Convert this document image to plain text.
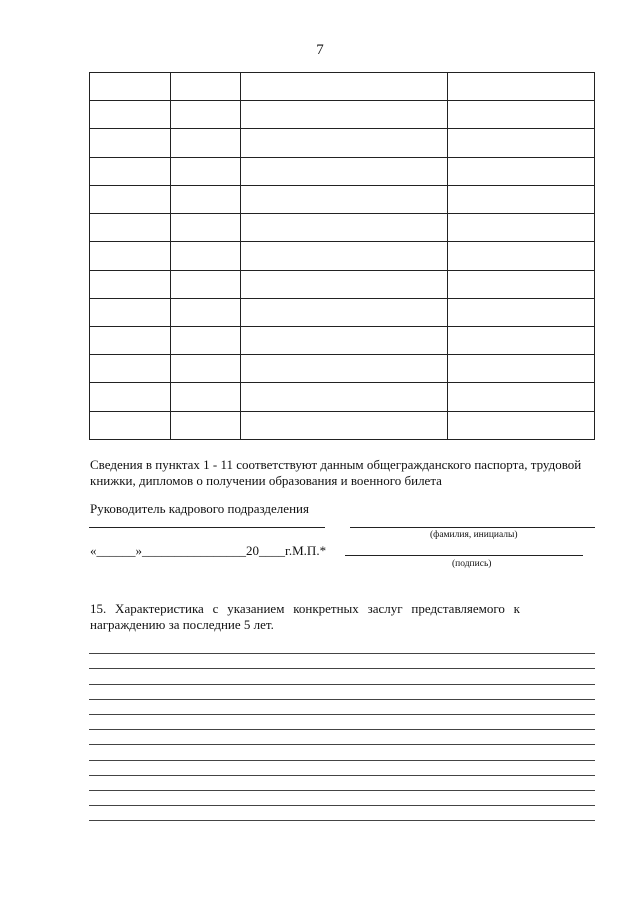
7

Сведения в пунктах 1 - 11 соответствуют данным общегражданского паспорта, трудовой книжки, дипломов о получении образования и военного билета
Руководитель кадрового подразделения
(фамилия, инициалы)
«______»________________20____г.М.П.*
(подпись)
15. Характеристика с указанием конкретных заслуг представляемого к награждению за последние 5 лет.
